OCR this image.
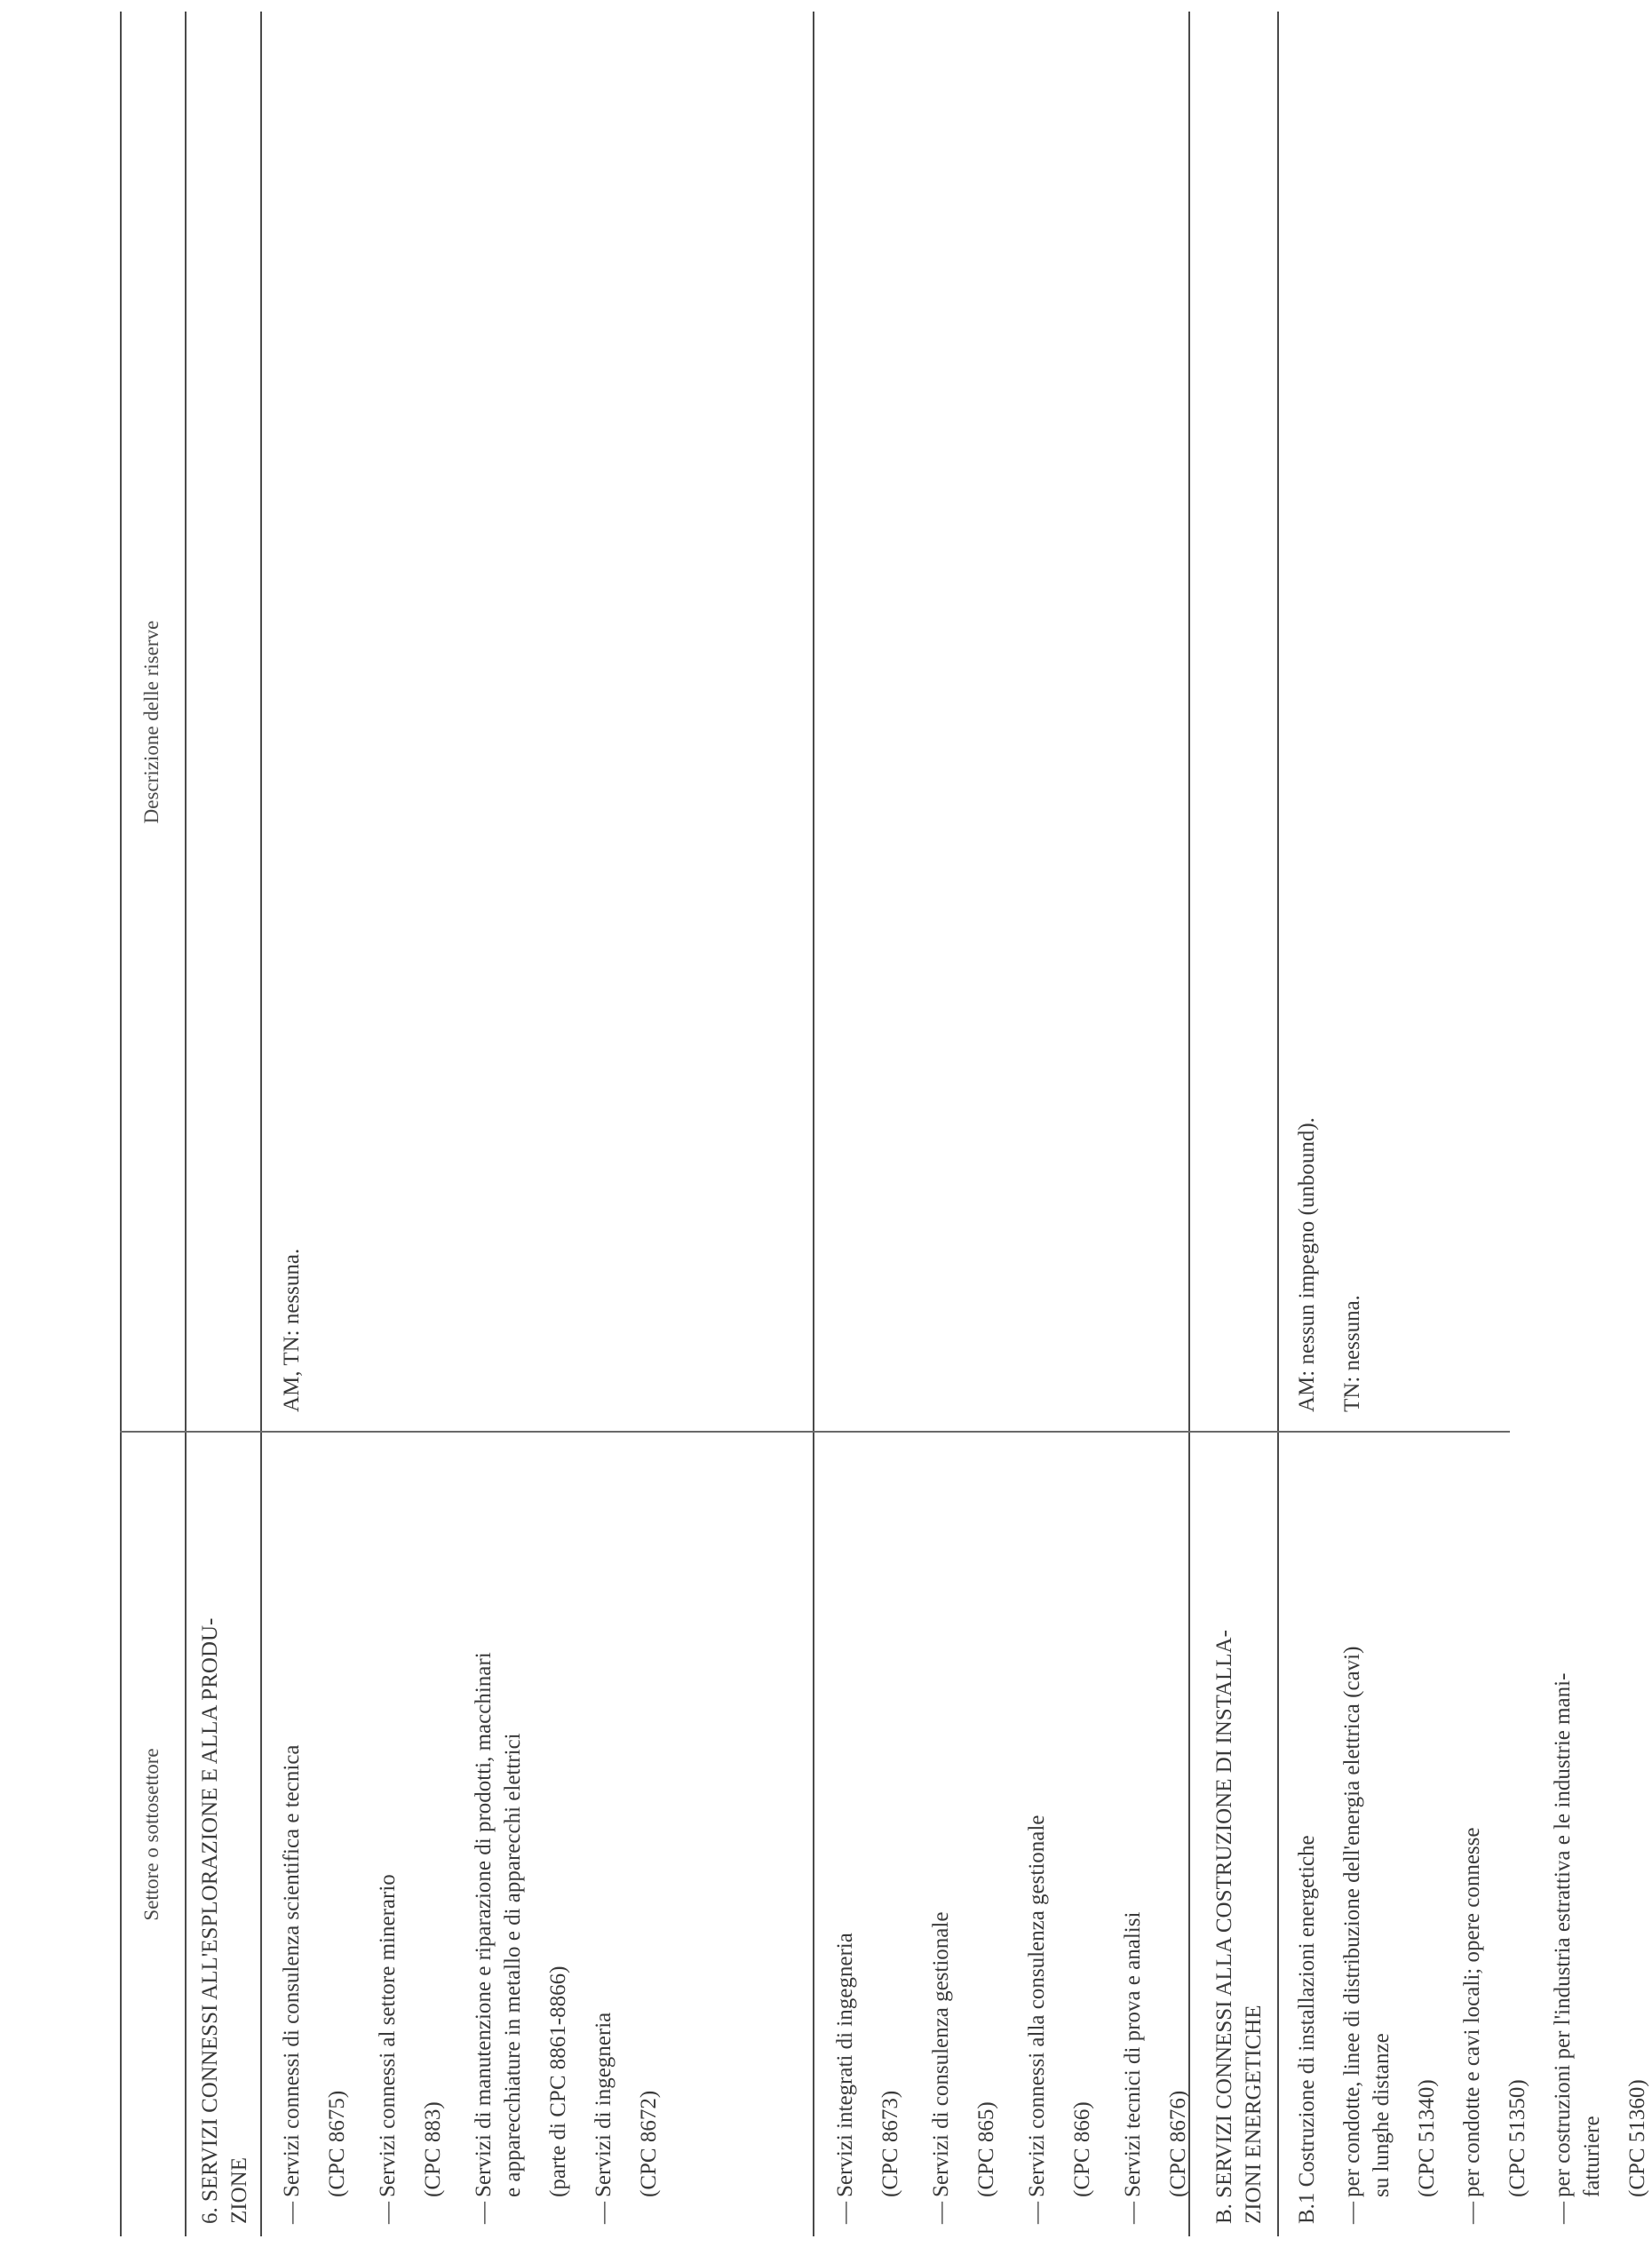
Settore o sottosettore
Descrizione delle riserve

6. SERVIZI CONNESSI ALL'ESPLORAZIONE E ALLA PRODU- ZIONE —
Servizi connessi di consulenza scientifica e tecnica (CPC 8675)
—
Servizi connessi al settore minerario (CPC 883)
—
Servizi di manutenzione e riparazione di prodotti, macchinari e apparecchiature in metallo e di apparecchi elettrici (parte di CPC 8861-8866)
—
Servizi di ingegneria (CPC 8672)
AM, TN: nessuna.
—
Servizi integrati di ingegneria (CPC 8673)
—
Servizi di consulenza gestionale (CPC 865)
—
Servizi connessi alla consulenza gestionale (CPC 866)
—
Servizi tecnici di prova e analisi (CPC 8676) B. SERVIZI CONNESSI ALLA COSTRUZIONE DI INSTALLA- ZIONI ENERGETICHE B.1 Costruzione di installazioni energetiche —
per condotte, linee di distribuzione dell'energia elettrica (cavi) su lunghe distanze (CPC 51340)
—
per condotte e cavi locali; opere connesse (CPC 51350)
—
per costruzioni per l'industria estrattiva e le industrie mani- fatturiere (CPC 51360)
AM: nessun impegno (unbound). TN: nessuna.
